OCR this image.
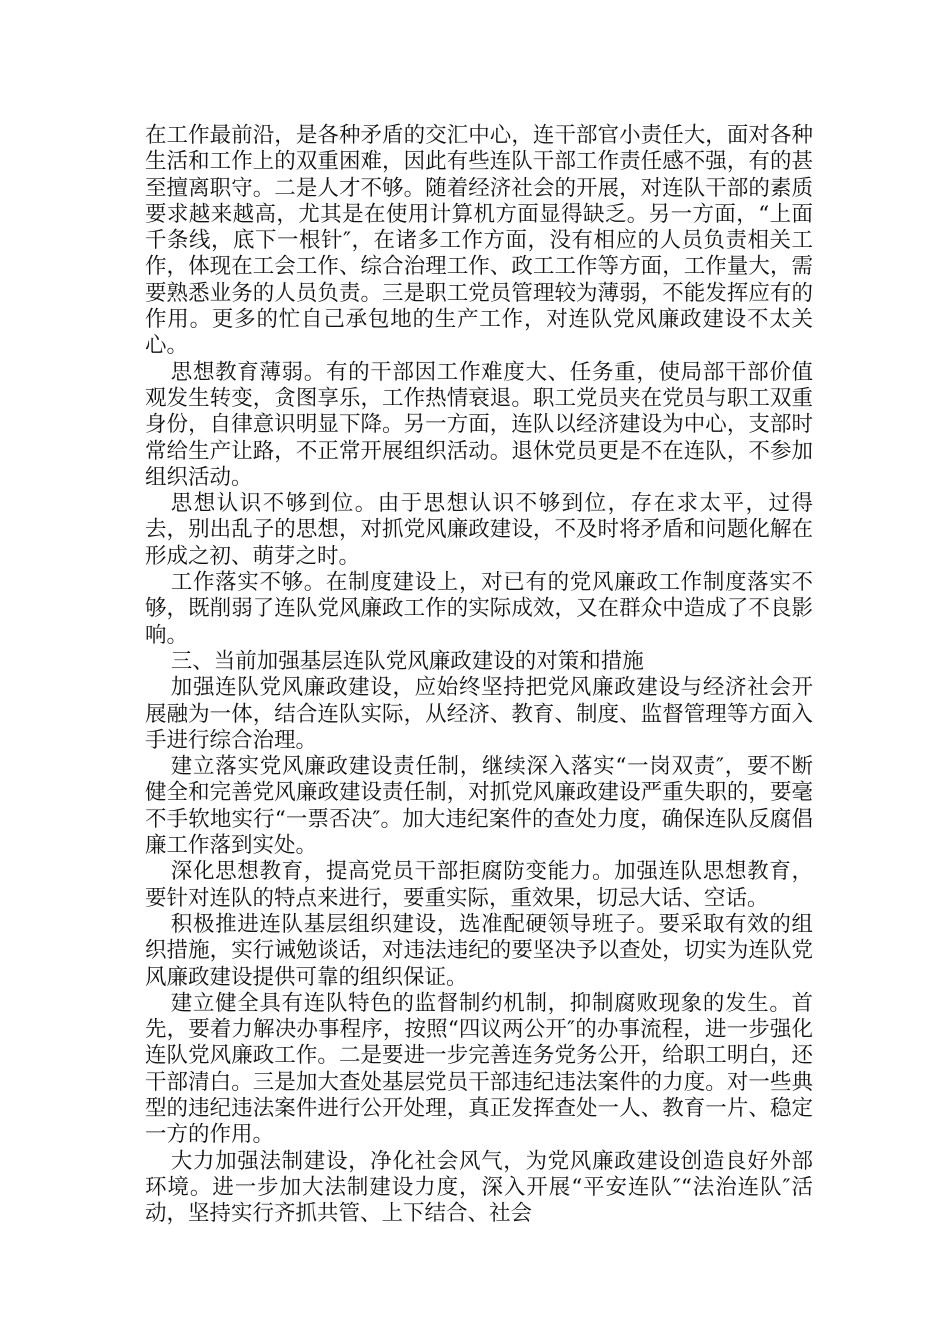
在工作最前沿，是各种矛盾的交汇中心，连干部官小责任大，面对各种生活和工作上的双重困难，因此有些连队干部工作责任感不强，有的甚至擅离职守。二是人才不够。随着经济社会的开展，对连队干部的素质要求越来越高，尤其是在使用计算机方面显得缺乏。另一方面，“上面千条线，底下一根针″，在诸多工作方面，没有相应的人员负责相关工作，体现在工会工作、综合治理工作、政工工作等方面，工作量大，需要熟悉业务的人员负责。三是职工党员管理较为薄弱，不能发挥应有的作用。更多的忙自己承包地的生产工作，对连队党风廉政建设不太关心。

思想教育薄弱。有的干部因工作难度大、任务重，使局部干部价值观发生转变，贪图享乐，工作热情衰退。职工党员夹在党员与职工双重身份，自律意识明显下降。另一方面，连队以经济建设为中心，支部时常给生产让路，不正常开展组织活动。退休党员更是不在连队，不参加组织活动。

思想认识不够到位。由于思想认识不够到位，存在求太平，过得去，别出乱子的思想，对抓党风廉政建设，不及时将矛盾和问题化解在形成之初、萌芽之时。

工作落实不够。在制度建设上，对已有的党风廉政工作制度落实不够，既削弱了连队党风廉政工作的实际成效，又在群众中造成了不良影响。

三、当前加强基层连队党风廉政建设的对策和措施

加强连队党风廉政建设，应始终坚持把党风廉政建设与经济社会开展融为一体，结合连队实际，从经济、教育、制度、监督管理等方面入手进行综合治理。

建立落实党风廉政建设责任制，继续深入落实“一岗双责″，要不断健全和完善党风廉政建设责任制，对抓党风廉政建设严重失职的，要毫不手软地实行“一票否决″。加大违纪案件的查处力度，确保连队反腐倡廉工作落到实处。

深化思想教育，提高党员干部拒腐防变能力。加强连队思想教育，要针对连队的特点来进行，要重实际，重效果，切忌大话、空话。

积极推进连队基层组织建设，选准配硬领导班子。要采取有效的组织措施，实行诫勉谈话，对违法违纪的要坚决予以查处，切实为连队党风廉政建设提供可靠的组织保证。

建立健全具有连队特色的监督制约机制，抑制腐败现象的发生。首先，要着力解决办事程序，按照“四议两公开″的办事流程，进一步强化连队党风廉政工作。二是要进一步完善连务党务公开，给职工明白，还干部清白。三是加大查处基层党员干部违纪违法案件的力度。对一些典型的违纪违法案件进行公开处理，真正发挥查处一人、教育一片、稳定一方的作用。

大力加强法制建设，净化社会风气，为党风廉政建设创造良好外部环境。进一步加大法制建设力度，深入开展“平安连队″“法治连队″活动，坚持实行齐抓共管、上下结合、社会
